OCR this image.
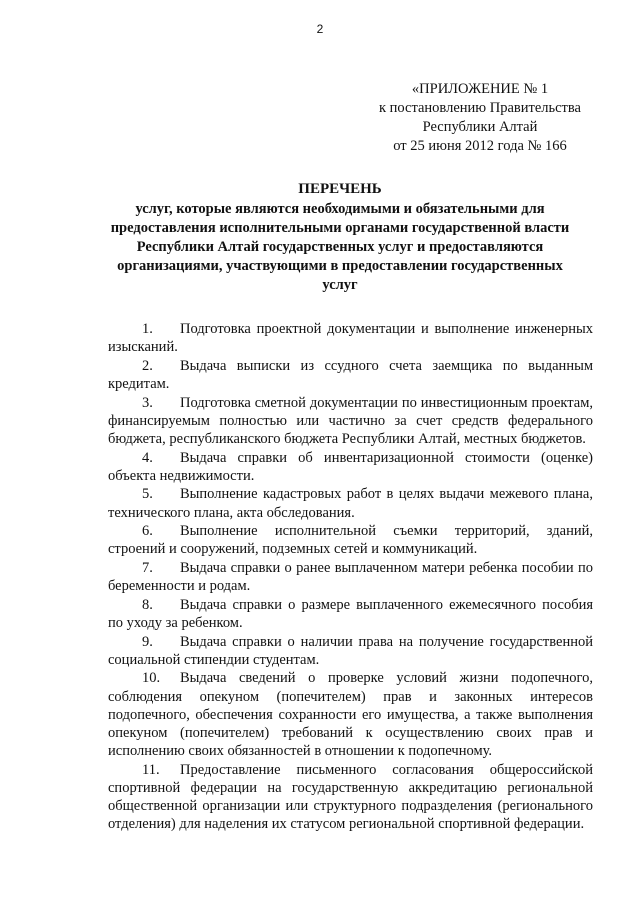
2
«ПРИЛОЖЕНИЕ № 1
к постановлению Правительства
Республики Алтай
от 25 июня 2012 года № 166
ПЕРЕЧЕНЬ
услуг, которые являются необходимыми и обязательными для предоставления исполнительными органами государственной власти Республики Алтай государственных услуг и предоставляются организациями, участвующими в предоставлении государственных услуг

1. Подготовка проектной документации и выполнение инженерных изысканий.

2. Выдача выписки из ссудного счета заемщика по выданным кредитам.

3. Подготовка сметной документации по инвестиционным проектам, финансируемым полностью или частично за счет средств федерального бюджета, республиканского бюджета Республики Алтай, местных бюджетов.

4. Выдача справки об инвентаризационной стоимости (оценке) объекта недвижимости.

5. Выполнение кадастровых работ в целях выдачи межевого плана, технического плана, акта обследования.

6. Выполнение исполнительной съемки территорий, зданий, строений и сооружений, подземных сетей и коммуникаций.

7. Выдача справки о ранее выплаченном матери ребенка пособии по беременности и родам.

8. Выдача справки о размере выплаченного ежемесячного пособия по уходу за ребенком.

9. Выдача справки о наличии права на получение государственной социальной стипендии студентам.

10. Выдача сведений о проверке условий жизни подопечного, соблюдения опекуном (попечителем) прав и законных интересов подопечного, обеспечения сохранности его имущества, а также выполнения опекуном (попечителем) требований к осуществлению своих прав и исполнению своих обязанностей в отношении к подопечному.

11. Предоставление письменного согласования общероссийской спортивной федерации на государственную аккредитацию региональной общественной организации или структурного подразделения (регионального отделения) для наделения их статусом региональной спортивной федерации.
